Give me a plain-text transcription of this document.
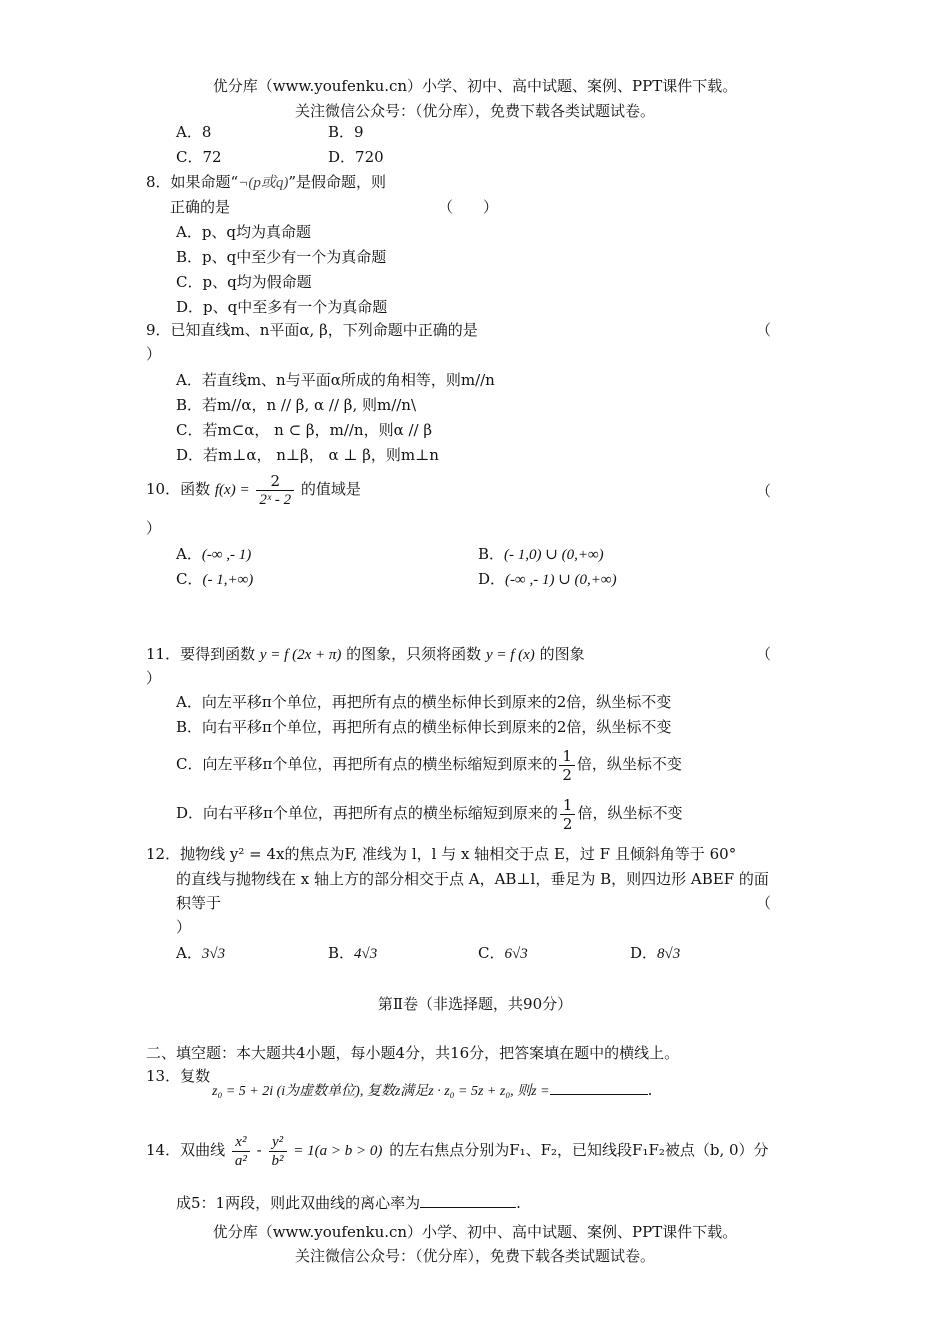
优分库（www.youfenku.cn）小学、初中、高中试题、案例、PPT课件下载。
关注微信公众号：（优分库），免费下载各类试题试卷。
A．8	B．9
C．72	D．720
8．如果命题“¬(p或q)”是假命题，则
正确的是	（　　）
A．p、q均为真命题
B．p、q中至少有一个为真命题
C．p、q均为假命题
D．p、q中至多有一个为真命题
9．已知直线m、n平面α, β，下列命题中正确的是	（
）
A．若直线m、n与平面α所成的角相等，则m//n
B．若m//α，n // β, α // β, 则m//n\
C．若m⊂α， n ⊂ β，m//n，则α // β
D．若m⊥α， n⊥β， α ⊥ β，则m⊥n
10．函数 $f(x) = \frac{2}{\text{2ˣ - 2}}$ 的值域是	（
）
A．(-∞ ,- 1)	B．(- 1,0) ∪ (0,+∞)
C．(- 1,+∞)	D．(-∞ ,- 1) ∪ (0,+∞)
11．要得到函数 y = f (2x + π) 的图象，只须将函数 y = f (x) 的图象	（
）
A．向左平移π个单位，再把所有点的横坐标伸长到原来的2倍，纵坐标不变
B．向右平移π个单位，再把所有点的横坐标伸长到原来的2倍，纵坐标不变
C．向左平移π个单位，再把所有点的横坐标缩短到原来的 $\frac{1}{2}$ 倍，纵坐标不变
D．向右平移π个单位，再把所有点的横坐标缩短到原来的 $\frac{1}{2}$ 倍，纵坐标不变
12．抛物线 y² = 4x的焦点为F, 准线为 l，l 与 x 轴相交于点 E，过 F 且倾斜角等于 60°
的直线与抛物线在 x 轴上方的部分相交于点 A，AB⊥l，垂足为 B，则四边形 ABEF 的面
积等于	（
）
A．3√3	B．4√3	C．6√3	D．8√3
第Ⅱ卷（非选择题，共90分）
二、填空题：本大题共4小题，每小题4分，共16分，把答案填在题中的横线上。
13．复数
z₀ = 5 + 2i (i为虚数单位), 复数z满足z · z₀ = 5z + z₀, 则z =	.
14．双曲线 $\frac{\text{x²}}{\text{a²}} - \frac{\text{y²}}{\text{b²}} = 1(a > b > 0)$ 的左右焦点分别为F₁、F₂，已知线段F₁F₂被点（b, 0）分
成5：1两段，则此双曲线的离心率为	.
优分库（www.youfenku.cn）小学、初中、高中试题、案例、PPT课件下载。
关注微信公众号：（优分库），免费下载各类试题试卷。
